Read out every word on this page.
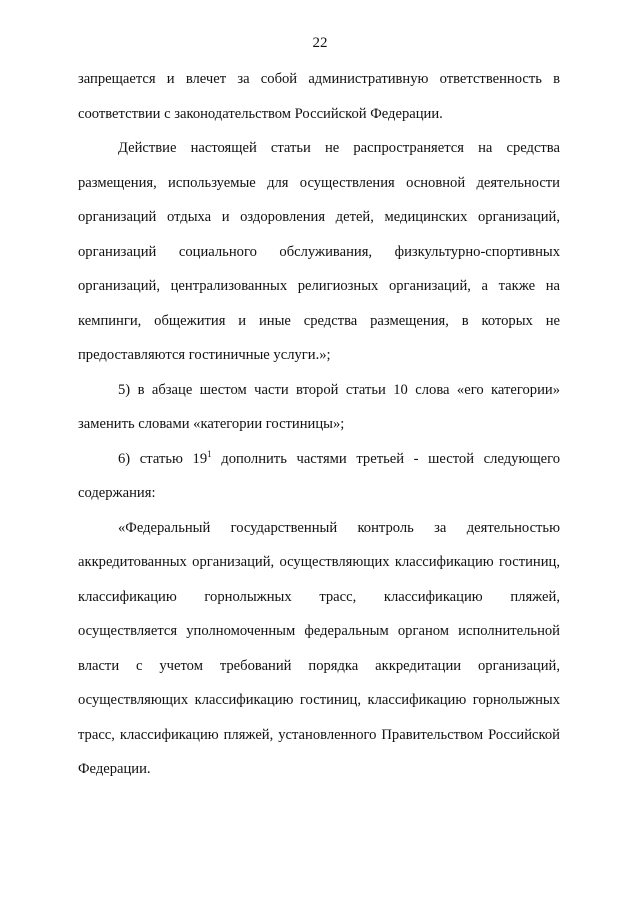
22

запрещается и влечет за собой административную ответственность в соответствии с законодательством Российской Федерации.

Действие настоящей статьи не распространяется на средства размещения, используемые для осуществления основной деятельности организаций отдыха и оздоровления детей, медицинских организаций, организаций социального обслуживания, физкультурно-спортивных организаций, централизованных религиозных организаций, а также на кемпинги, общежития и иные средства размещения, в которых не предоставляются гостиничные услуги.»;

5) в абзаце шестом части второй статьи 10 слова «его категории» заменить словами «категории гостиницы»;

6) статью $19^1$ дополнить частями третьей - шестой следующего содержания:

«Федеральный государственный контроль за деятельностью аккредитованных организаций, осуществляющих классификацию гостиниц, классификацию горнолыжных трасс, классификацию пляжей, осуществляется уполномоченным федеральным органом исполнительной власти с учетом требований порядка аккредитации организаций, осуществляющих классификацию гостиниц, классификацию горнолыжных трасс, классификацию пляжей, установленного Правительством Российской Федерации.
